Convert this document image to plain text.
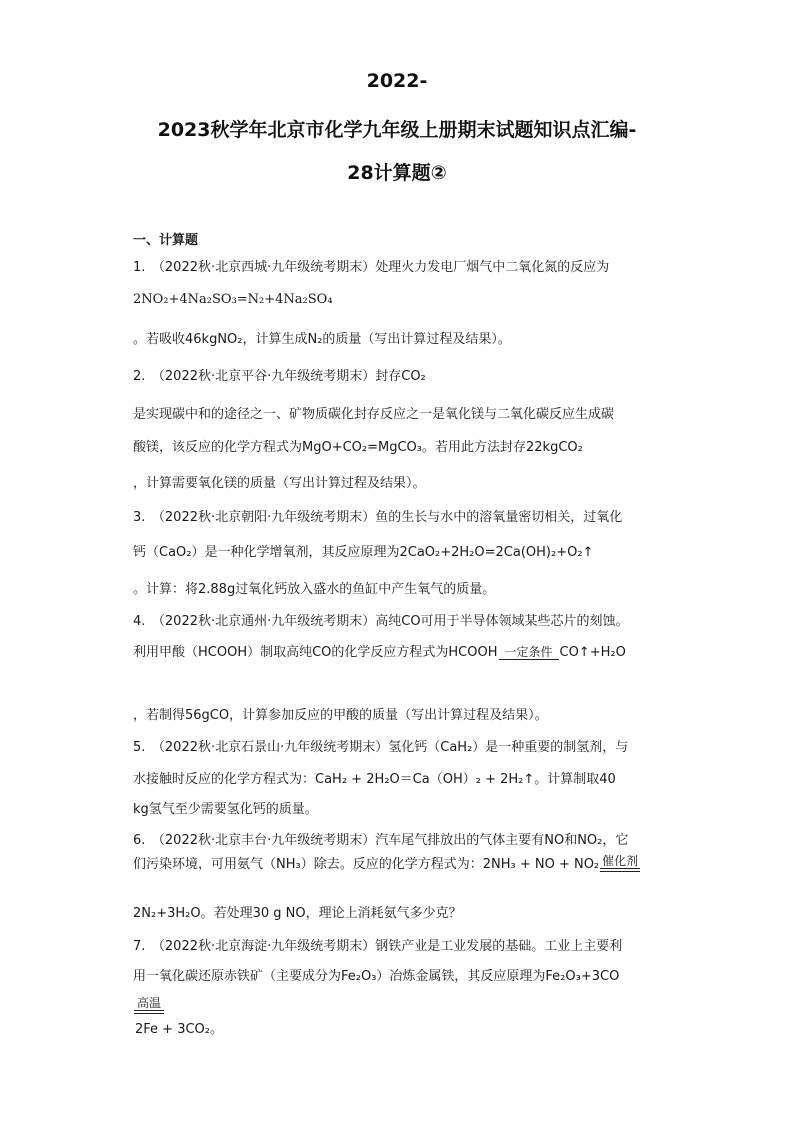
2022-
2023秋学年北京市化学九年级上册期末试题知识点汇编-
28计算题②
一、计算题
1.　（2022秋·北京西城·九年级统考期末）处理火力发电厂烟气中二氧化氮的反应为
2NO₂+4Na₂SO₃=N₂+4Na₂SO₄
。若吸收46kgNO₂，计算生成N₂的质量（写出计算过程及结果）。
2.　（2022秋·北京平谷·九年级统考期末）封存CO₂
是实现碳中和的途径之一、矿物质碳化封存反应之一是氧化镁与二氧化碳反应生成碳
酸镁，该反应的化学方程式为MgO+CO₂=MgCO₃。若用此方法封存22kgCO₂
，计算需要氧化镁的质量（写出计算过程及结果）。
3.　（2022秋·北京朝阳·九年级统考期末）鱼的生长与水中的溶氧量密切相关，过氧化
钙（CaO₂）是一种化学增氧剂，其反应原理为2CaO₂+2H₂O=2Ca(OH)₂+O₂↑
。计算：将2.88g过氧化钙放入盛水的鱼缸中产生氧气的质量。
4.　（2022秋·北京通州·九年级统考期末）高纯CO可用于半导体领域某些芯片的刻蚀。
利用甲酸（HCOOH）制取高纯CO的化学反应方程式为HCOOH 一定条件 CO↑+H₂O
，若制得56gCO，计算参加反应的甲酸的质量（写出计算过程及结果）。
5.　（2022秋·北京石景山·九年级统考期末）氢化钙（CaH₂）是一种重要的制氢剂，与
水接触时反应的化学方程式为：CaH₂ + 2H₂O＝Ca（OH）₂ + 2H₂↑。计算制取40
kg氢气至少需要氢化钙的质量。
6.　（2022秋·北京丰台·九年级统考期末）汽车尾气排放出的气体主要有NO和NO₂，它
们污染环境，可用氨气（NH₃）除去。反应的化学方程式为：2NH₃ + NO + NO₂ 催化剂
2N₂+3H₂O。若处理30 g NO，理论上消耗氨气多少克？
7.　（2022秋·北京海淀·九年级统考期末）钢铁产业是工业发展的基础。工业上主要利
用一氧化碳还原赤铁矿（主要成分为Fe₂O₃）冶炼金属铁，其反应原理为Fe₂O₃+3CO
高温
2Fe + 3CO₂。
